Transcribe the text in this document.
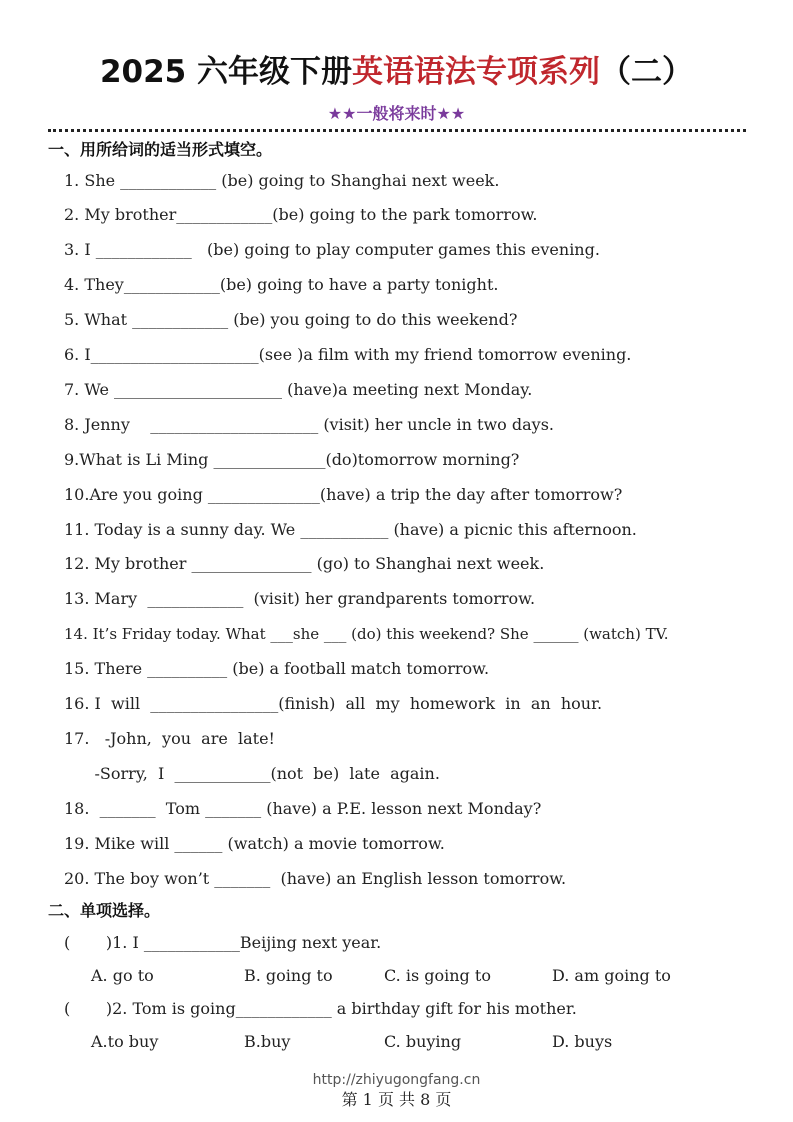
2025 六年级下册英语语法专项系列（二）
★★一般将来时★★
一、用所给词的适当形式填空。
1. She ____________ (be) going to Shanghai next week.
2. My brother____________(be) going to the park tomorrow.
3. I ____________   (be) going to play computer games this evening.
4. They____________(be) going to have a party tonight.
5. What ____________ (be) you going to do this weekend?
6. I_____________________(see )a film with my friend tomorrow evening.
7. We _____________________ (have)a meeting next Monday.
8. Jenny    _____________________ (visit) her uncle in two days.
9.What is Li Ming ______________(do)tomorrow morning?
10.Are you going ______________(have) a trip the day after tomorrow?
11. Today is a sunny day. We ___________ (have) a picnic this afternoon.
12. My brother _______________ (go) to Shanghai next week.
13. Mary  ____________  (visit) her grandparents tomorrow.
14. It’s Friday today. What ___she ___ (do) this weekend? She ______ (watch) TV.
15. There __________ (be) a football match tomorrow.
16. I  will  ________________(finish)  all  my  homework  in  an  hour.
17.   -John,  you  are  late!
-Sorry,  I  ____________(not  be)  late  again.
18.  _______  Tom _______ (have) a P.E. lesson next Monday?
19. Mike will ______ (watch) a movie tomorrow.
20. The boy won’t _______  (have) an English lesson tomorrow.
二、单项选择。
(       )1. I ____________Beijing next year.
A. go to	B. going to	C. is going to	D. am going to
(       )2. Tom is going____________ a birthday gift for his mother.
A.to buy	B.buy	C. buying	D. buys
http://zhiyugongfang.cn
第 1 页 共 8 页
